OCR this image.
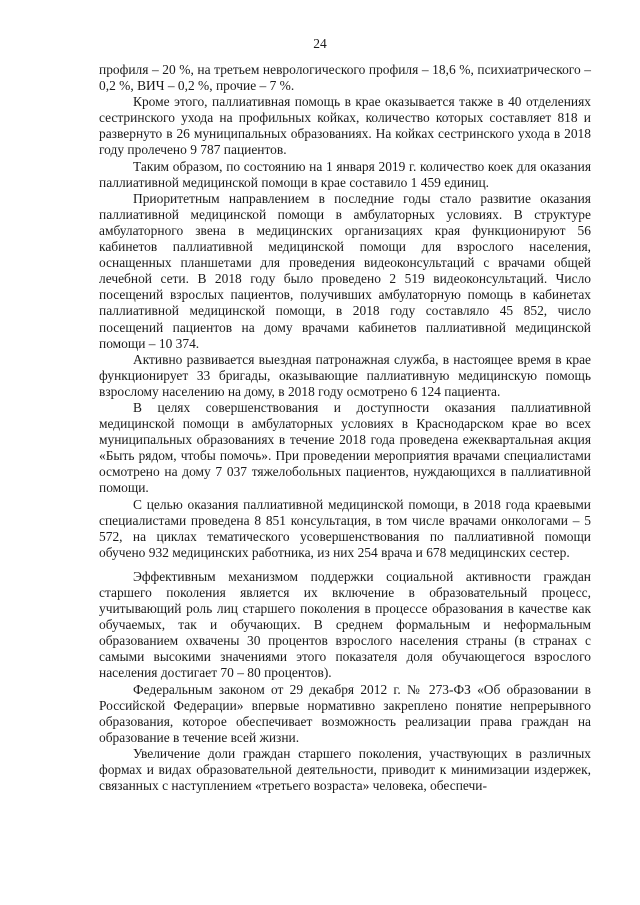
24

профиля – 20 %, на третьем неврологического профиля – 18,6 %, психиатрического – 0,2 %, ВИЧ – 0,2 %, прочие – 7 %.

Кроме этого, паллиативная помощь в крае оказывается также в 40 отделениях сестринского ухода на профильных койках, количество которых составляет 818 и развернуто в 26 муниципальных образованиях. На койках сестринского ухода в 2018 году пролечено 9 787 пациентов.

Таким образом, по состоянию на 1 января 2019 г. количество коек для оказания паллиативной медицинской помощи в крае составило 1 459 единиц.

Приоритетным направлением в последние годы стало развитие оказания паллиативной медицинской помощи в амбулаторных условиях. В структуре амбулаторного звена в медицинских организациях края функционируют 56 кабинетов паллиативной медицинской помощи для взрослого населения, оснащенных планшетами для проведения видеоконсультаций с врачами общей лечебной сети. В 2018 году было проведено 2 519 видеоконсультаций. Число посещений взрослых пациентов, получивших амбулаторную помощь в кабинетах паллиативной медицинской помощи, в 2018 году составляло 45 852, число посещений пациентов на дому врачами кабинетов паллиативной медицинской помощи – 10 374.

Активно развивается выездная патронажная служба, в настоящее время в крае функционирует 33 бригады, оказывающие паллиативную медицинскую помощь взрослому населению на дому, в 2018 году осмотрено 6 124 пациента.

В целях совершенствования и доступности оказания паллиативной медицинской помощи в амбулаторных условиях в Краснодарском крае во всех муниципальных образованиях в течение 2018 года проведена ежеквартальная акция «Быть рядом, чтобы помочь». При проведении мероприятия врачами специалистами осмотрено на дому 7 037 тяжелобольных пациентов, нуждающихся в паллиативной помощи.

С целью оказания паллиативной медицинской помощи, в 2018 года краевыми специалистами проведена 8 851 консультация, в том числе врачами онкологами – 5 572, на циклах тематического усовершенствования по паллиативной помощи обучено 932 медицинских работника, из них 254 врача и 678 медицинских сестер.

Эффективным механизмом поддержки социальной активности граждан старшего поколения является их включение в образовательный процесс, учитывающий роль лиц старшего поколения в процессе образования в качестве как обучаемых, так и обучающих. В среднем формальным и неформальным образованием охвачены 30 процентов взрослого населения страны (в странах с самыми высокими значениями этого показателя доля обучающегося взрослого населения достигает 70 – 80 процентов).

Федеральным законом от 29 декабря 2012 г. № 273-ФЗ «Об образовании в Российской Федерации» впервые нормативно закреплено понятие непрерывного образования, которое обеспечивает возможность реализации права граждан на образование в течение всей жизни.

Увеличение доли граждан старшего поколения, участвующих в различных формах и видах образовательной деятельности, приводит к минимизации издержек, связанных с наступлением «третьего возраста» человека, обеспечи-
